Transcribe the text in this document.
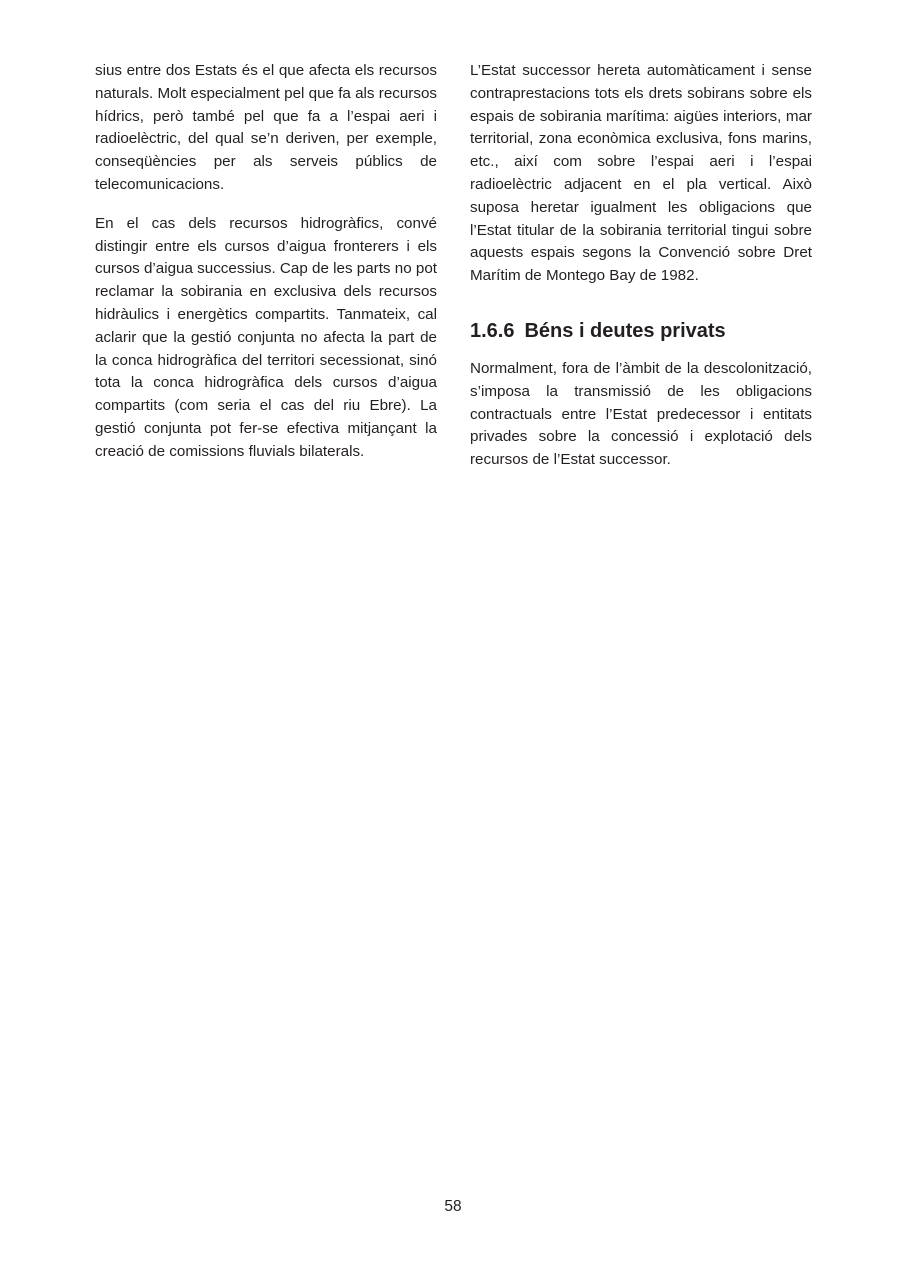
sius entre dos Estats és el que afecta els recursos naturals. Molt especialment pel que fa als recursos hídrics, però també pel que fa a l’espai aeri i radioelèctric, del qual se’n deriven, per exemple, conseqüències per als serveis públics de telecomunicacions.

En el cas dels recursos hidrogràfics, convé distingir entre els cursos d’aigua fronterers i els cursos d’aigua successius. Cap de les parts no pot reclamar la sobirania en exclusiva dels recursos hidràulics i energètics compartits. Tanmateix, cal aclarir que la gestió conjunta no afecta la part de la conca hidrogràfica del territori secessionat, sinó tota la conca hidrogràfica dels cursos d’aigua compartits (com seria el cas del riu Ebre). La gestió conjunta pot fer-se efectiva mitjançant la creació de comissions fluvials bilaterals.

L’Estat successor hereta automàticament i sense contraprestacions tots els drets sobirans sobre els espais de sobirania marítima: aigües interiors, mar territorial, zona econòmica exclusiva, fons marins, etc., així com sobre l’espai aeri i l’espai radioelèctric adjacent en el pla vertical. Això suposa heretar igualment les obligacions que l’Estat titular de la sobirania territorial tingui sobre aquests espais segons la Convenció sobre Dret Marítim de Montego Bay de 1982.

1.6.6 Béns i deutes privats

Normalment, fora de l’àmbit de la descolonització, s’imposa la transmissió de les obligacions contractuals entre l’Estat predecessor i entitats privades sobre la concessió i explotació dels recursos de l’Estat successor.

58
